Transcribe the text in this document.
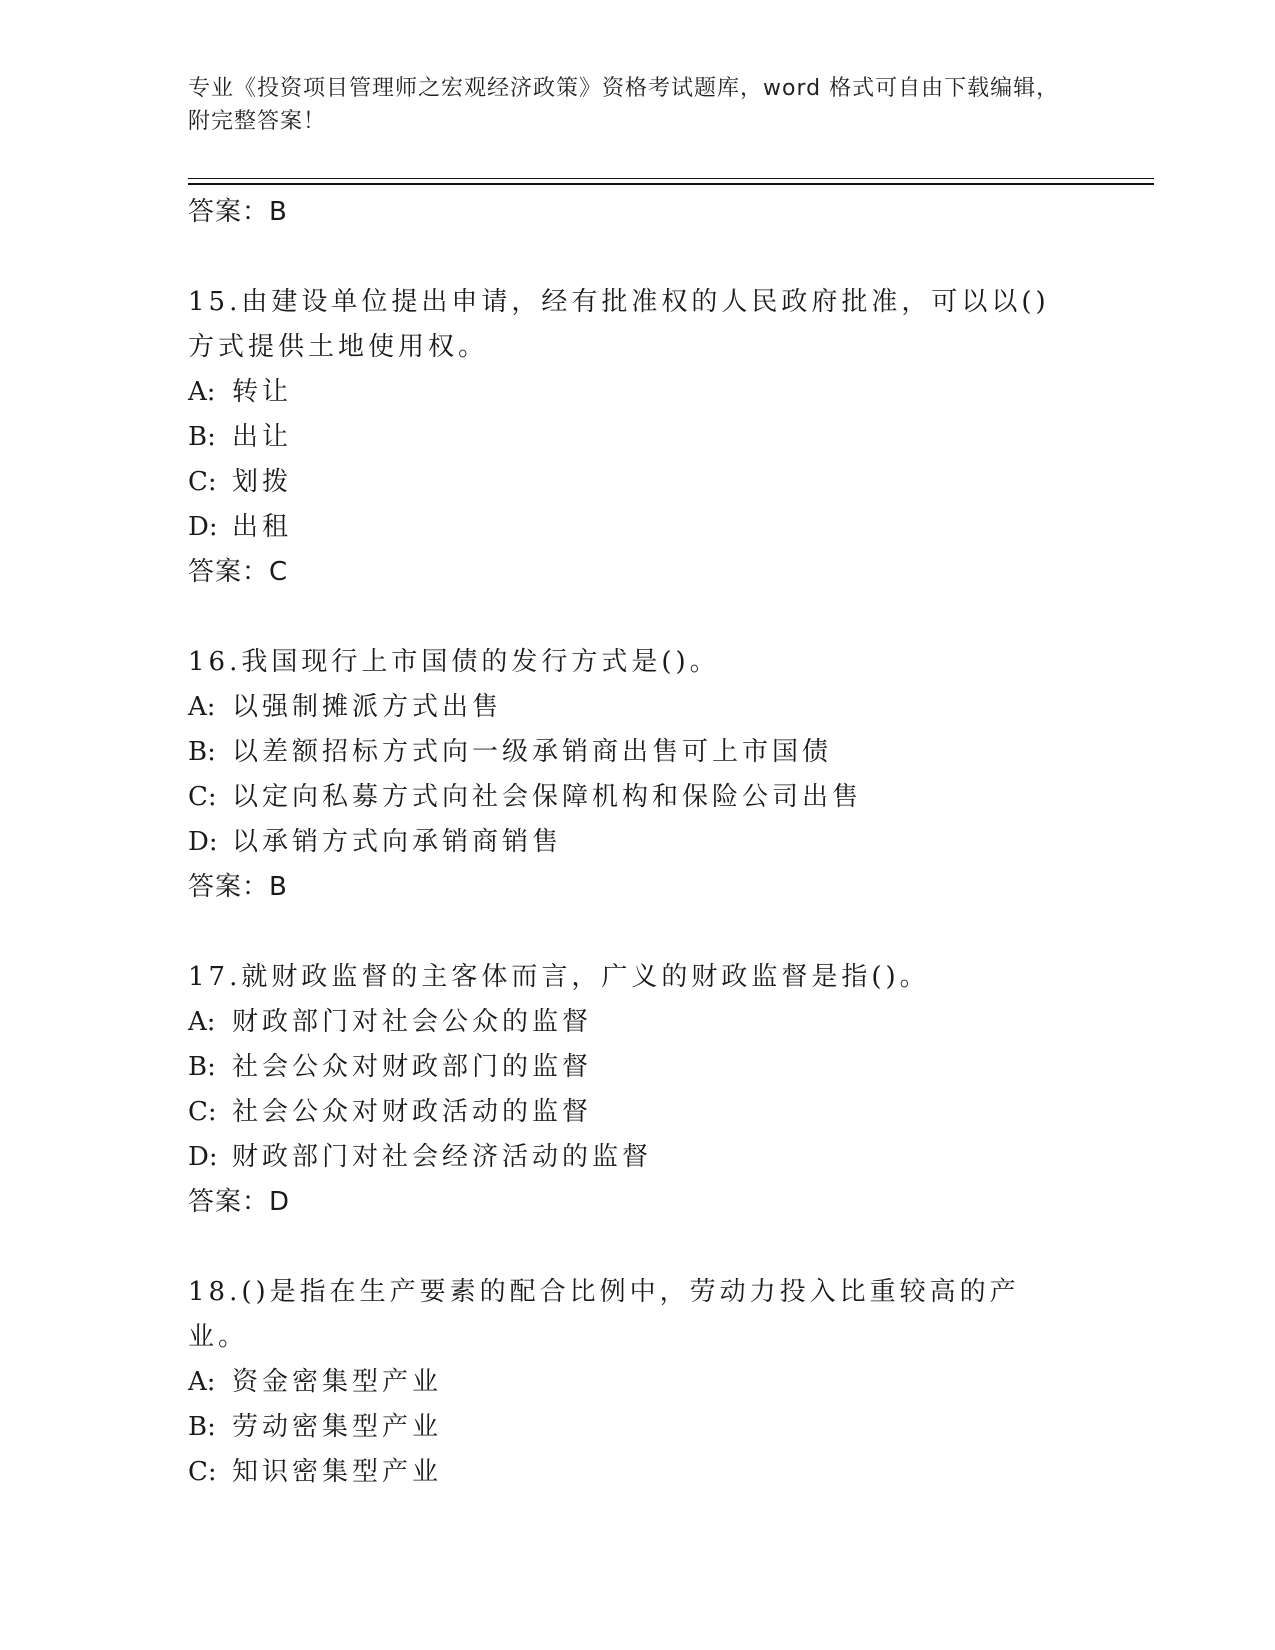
专业《投资项目管理师之宏观经济政策》资格考试题库，word 格式可自由下载编辑，附完整答案！
答案：B
15.由建设单位提出申请，经有批准权的人民政府批准，可以以()方式提供土地使用权。
A: 转让
B: 出让
C: 划拨
D: 出租
答案：C
16.我国现行上市国债的发行方式是()。
A: 以强制摊派方式出售
B: 以差额招标方式向一级承销商出售可上市国债
C: 以定向私募方式向社会保障机构和保险公司出售
D: 以承销方式向承销商销售
答案：B
17.就财政监督的主客体而言，广义的财政监督是指()。
A: 财政部门对社会公众的监督
B: 社会公众对财政部门的监督
C: 社会公众对财政活动的监督
D: 财政部门对社会经济活动的监督
答案：D
18.()是指在生产要素的配合比例中，劳动力投入比重较高的产业。
A: 资金密集型产业
B: 劳动密集型产业
C: 知识密集型产业
